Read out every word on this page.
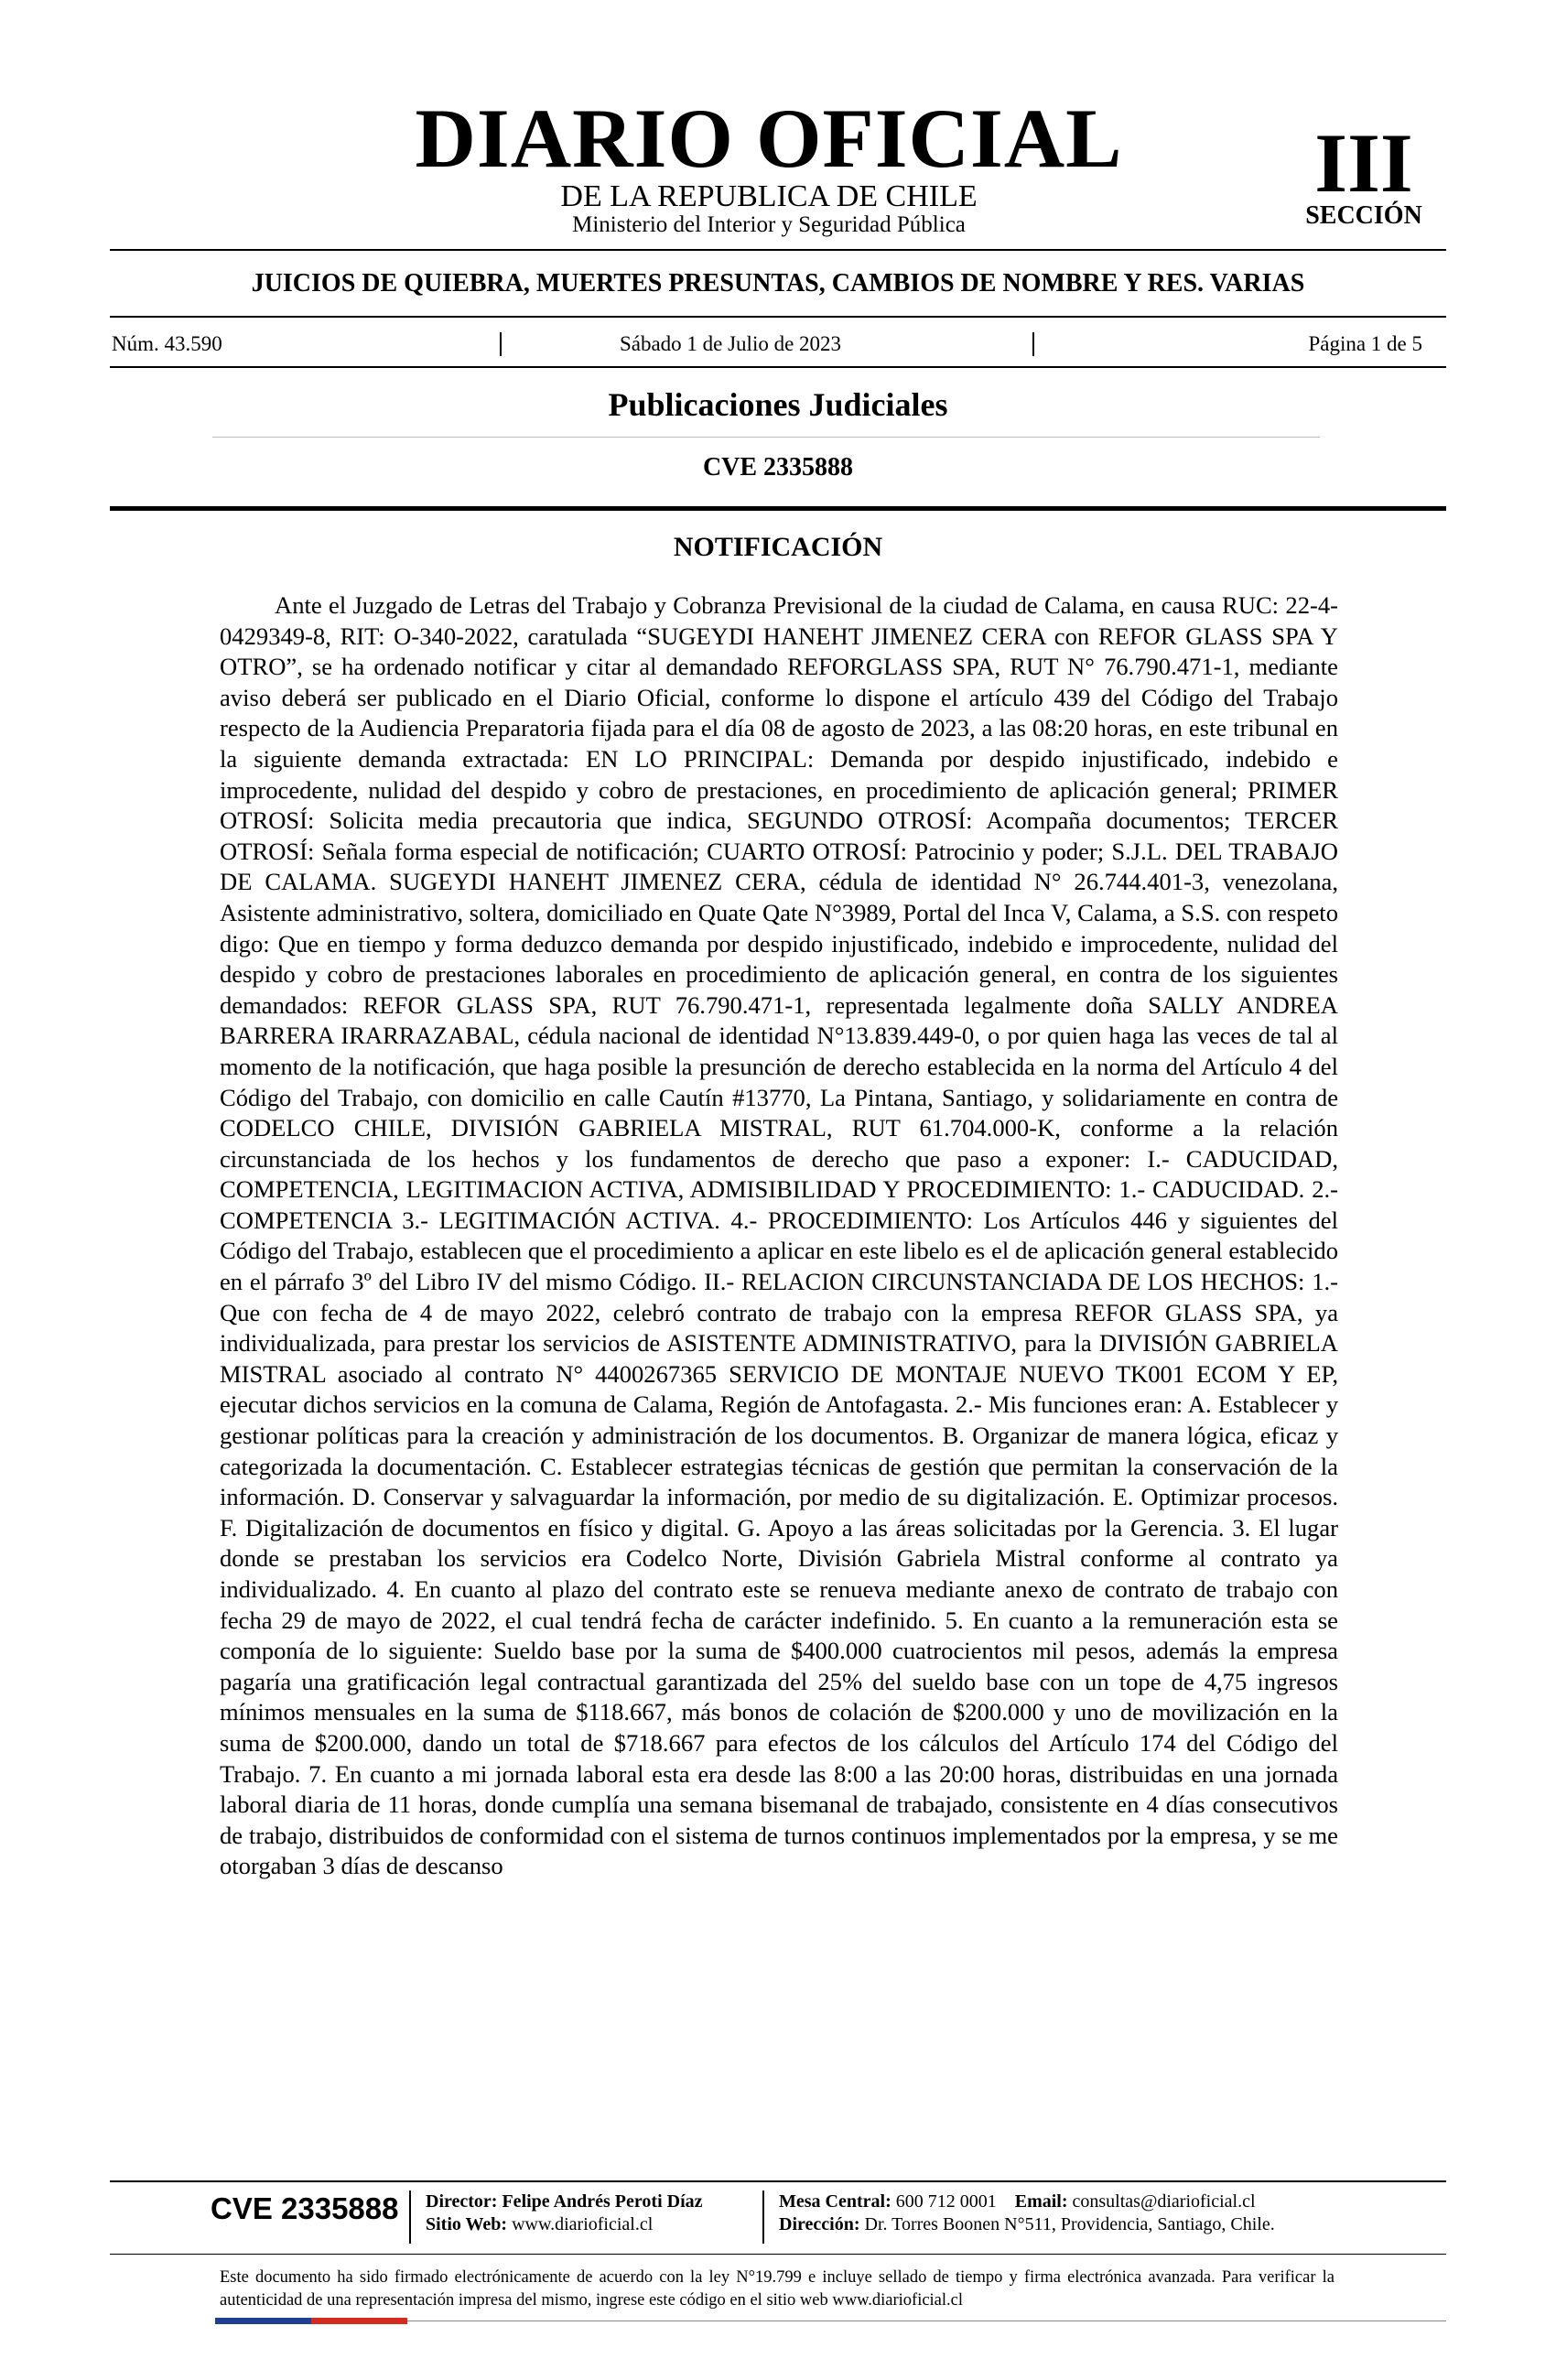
DIARIO OFICIAL
DE LA REPUBLICA DE CHILE
Ministerio del Interior y Seguridad Pública
III
SECCIÓN
JUICIOS DE QUIEBRA, MUERTES PRESUNTAS, CAMBIOS DE NOMBRE Y RES. VARIAS
Núm. 43.590	Sábado 1 de Julio de 2023	Página 1 de 5
Publicaciones Judiciales
CVE 2335888
NOTIFICACIÓN
Ante el Juzgado de Letras del Trabajo y Cobranza Previsional de la ciudad de Calama, en causa RUC: 22-4-0429349-8, RIT: O-340-2022, caratulada “SUGEYDI HANEHT JIMENEZ CERA con REFOR GLASS SPA Y OTRO”, se ha ordenado notificar y citar al demandado REFORGLASS SPA, RUT N° 76.790.471-1, mediante aviso deberá ser publicado en el Diario Oficial, conforme lo dispone el artículo 439 del Código del Trabajo respecto de la Audiencia Preparatoria fijada para el día 08 de agosto de 2023, a las 08:20 horas, en este tribunal en la siguiente demanda extractada: EN LO PRINCIPAL: Demanda por despido injustificado, indebido e improcedente, nulidad del despido y cobro de prestaciones, en procedimiento de aplicación general; PRIMER OTROSÍ: Solicita media precautoria que indica, SEGUNDO OTROSÍ: Acompaña documentos; TERCER OTROSÍ: Señala forma especial de notificación; CUARTO OTROSÍ: Patrocinio y poder; S.J.L. DEL TRABAJO DE CALAMA. SUGEYDI HANEHT JIMENEZ CERA, cédula de identidad N° 26.744.401-3, venezolana, Asistente administrativo, soltera, domiciliado en Quate Qate N°3989, Portal del Inca V, Calama, a S.S. con respeto digo: Que en tiempo y forma deduzco demanda por despido injustificado, indebido e improcedente, nulidad del despido y cobro de prestaciones laborales en procedimiento de aplicación general, en contra de los siguientes demandados: REFOR GLASS SPA, RUT 76.790.471-1, representada legalmente doña SALLY ANDREA BARRERA IRARRAZABAL, cédula nacional de identidad N°13.839.449-0, o por quien haga las veces de tal al momento de la notificación, que haga posible la presunción de derecho establecida en la norma del Artículo 4 del Código del Trabajo, con domicilio en calle Cautín #13770, La Pintana, Santiago, y solidariamente en contra de CODELCO CHILE, DIVISIÓN GABRIELA MISTRAL, RUT 61.704.000-K, conforme a la relación circunstanciada de los hechos y los fundamentos de derecho que paso a exponer: I.- CADUCIDAD, COMPETENCIA, LEGITIMACION ACTIVA, ADMISIBILIDAD Y PROCEDIMIENTO: 1.- CADUCIDAD. 2.- COMPETENCIA 3.- LEGITIMACIÓN ACTIVA. 4.- PROCEDIMIENTO: Los Artículos 446 y siguientes del Código del Trabajo, establecen que el procedimiento a aplicar en este libelo es el de aplicación general establecido en el párrafo 3º del Libro IV del mismo Código. II.- RELACION CIRCUNSTANCIADA DE LOS HECHOS: 1.- Que con fecha de 4 de mayo 2022, celebró contrato de trabajo con la empresa REFOR GLASS SPA, ya individualizada, para prestar los servicios de ASISTENTE ADMINISTRATIVO, para la DIVISIÓN GABRIELA MISTRAL asociado al contrato N° 4400267365 SERVICIO DE MONTAJE NUEVO TK001 ECOM Y EP, ejecutar dichos servicios en la comuna de Calama, Región de Antofagasta. 2.- Mis funciones eran: A. Establecer y gestionar políticas para la creación y administración de los documentos. B. Organizar de manera lógica, eficaz y categorizada la documentación. C. Establecer estrategias técnicas de gestión que permitan la conservación de la información. D. Conservar y salvaguardar la información, por medio de su digitalización. E. Optimizar procesos. F. Digitalización de documentos en físico y digital. G. Apoyo a las áreas solicitadas por la Gerencia. 3. El lugar donde se prestaban los servicios era Codelco Norte, División Gabriela Mistral conforme al contrato ya individualizado. 4. En cuanto al plazo del contrato este se renueva mediante anexo de contrato de trabajo con fecha 29 de mayo de 2022, el cual tendrá fecha de carácter indefinido. 5. En cuanto a la remuneración esta se componía de lo siguiente: Sueldo base por la suma de $400.000 cuatrocientos mil pesos, además la empresa pagaría una gratificación legal contractual garantizada del 25% del sueldo base con un tope de 4,75 ingresos mínimos mensuales en la suma de $118.667, más bonos de colación de $200.000 y uno de movilización en la suma de $200.000, dando un total de $718.667 para efectos de los cálculos del Artículo 174 del Código del Trabajo. 7. En cuanto a mi jornada laboral esta era desde las 8:00 a las 20:00 horas, distribuidas en una jornada laboral diaria de 11 horas, donde cumplía una semana bisemanal de trabajado, consistente en 4 días consecutivos de trabajo, distribuidos de conformidad con el sistema de turnos continuos implementados por la empresa, y se me otorgaban 3 días de descanso
CVE 2335888 Director: Felipe Andrés Peroti Díaz
Sitio Web: www.diarioficial.cl
Mesa Central: 600 712 0001 Email: consultas@diarioficial.cl
Dirección: Dr. Torres Boonen N°511, Providencia, Santiago, Chile.
Este documento ha sido firmado electrónicamente de acuerdo con la ley N°19.799 e incluye sellado de tiempo y firma electrónica avanzada. Para verificar la autenticidad de una representación impresa del mismo, ingrese este código en el sitio web www.diarioficial.cl
